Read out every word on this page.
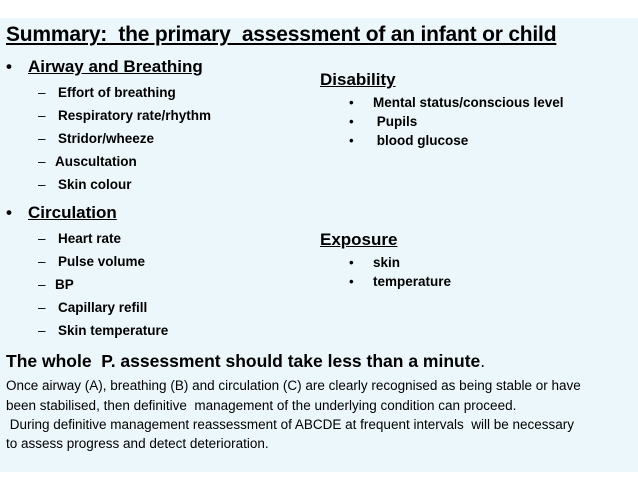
Summary:  the primary  assessment of an infant or child
• Airway and Breathing
– Effort of breathing
– Respiratory rate/rhythm
– Stridor/wheeze
– Auscultation
– Skin colour
• Circulation
– Heart rate
– Pulse volume
– BP
– Capillary refill
– Skin temperature
Disability
• Mental status/conscious level
• Pupils
• blood glucose
Exposure
• skin
• temperature
The whole  P. assessment should take less than a minute.
Once airway (A), breathing (B) and circulation (C) are clearly recognised as being stable or have
been stabilised, then definitive  management of the underlying condition can proceed.
During definitive management reassessment of ABCDE at frequent intervals  will be necessary
to assess progress and detect deterioration.
